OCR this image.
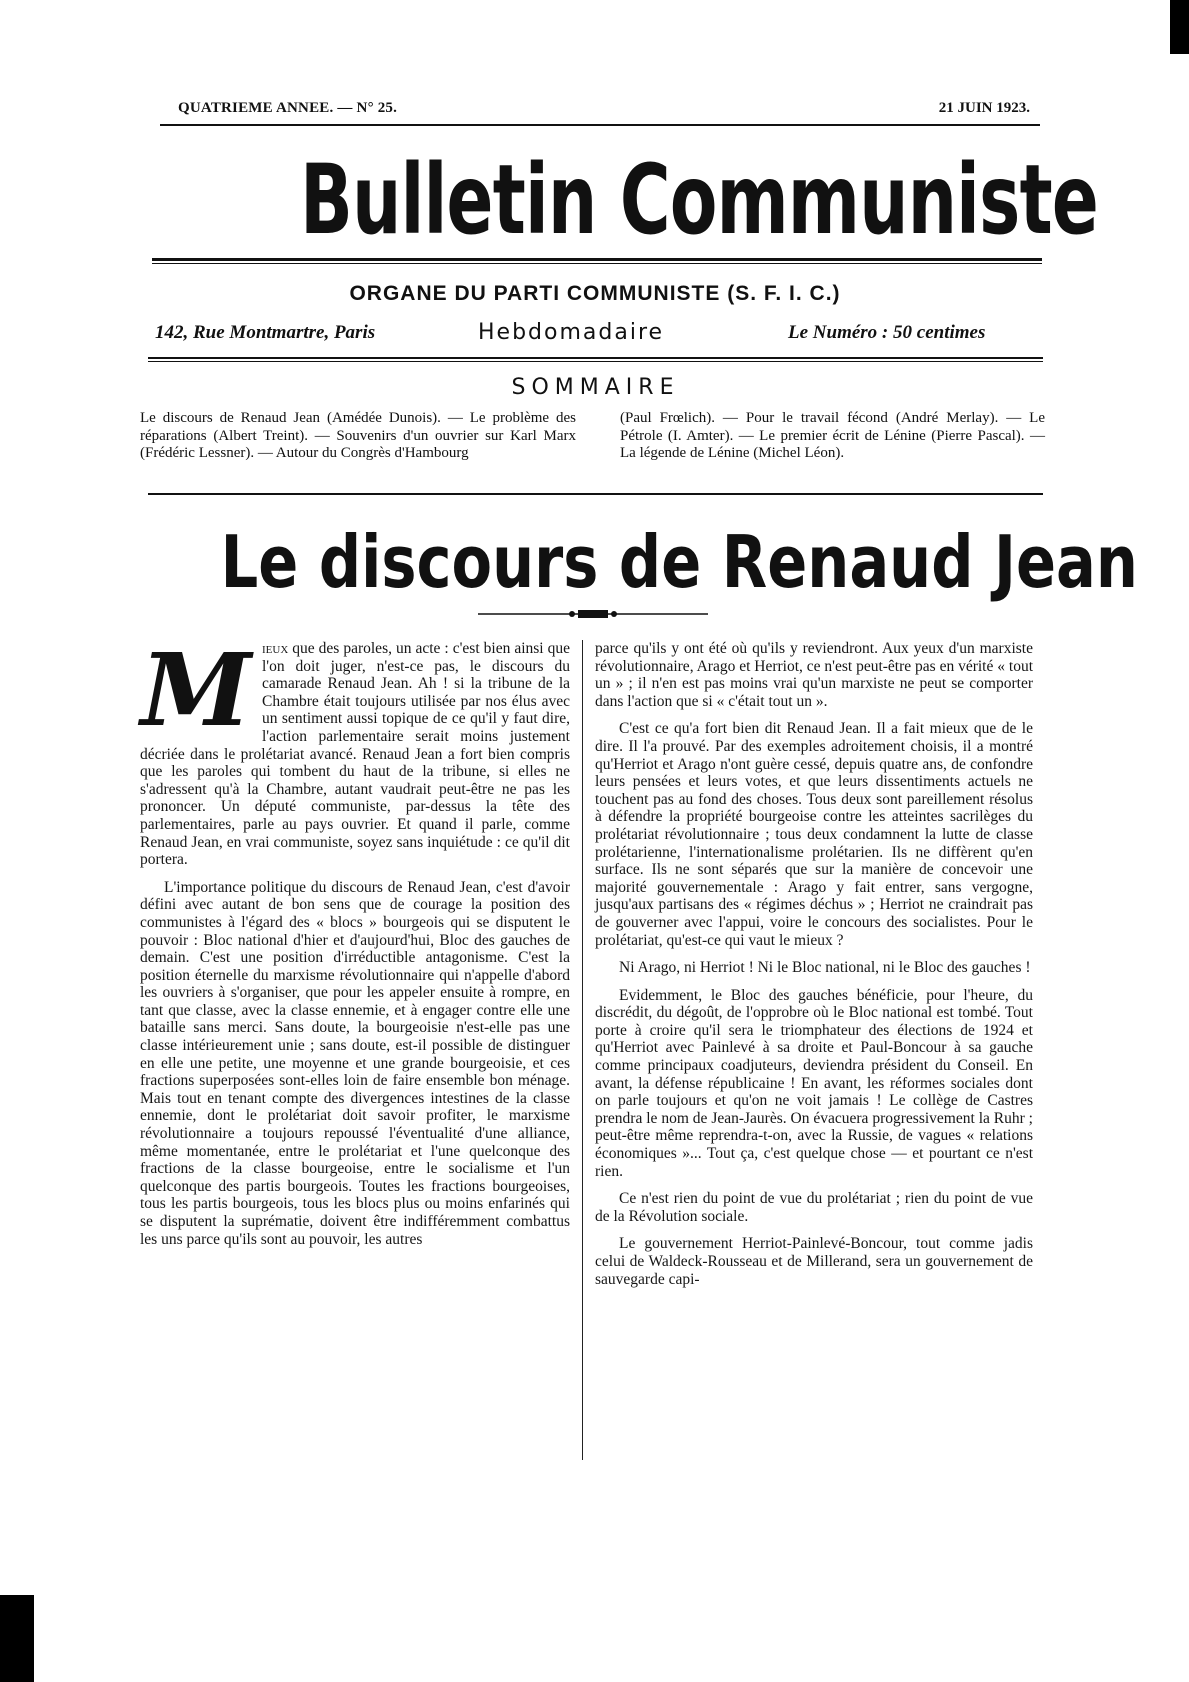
QUATRIEME ANNEE. — N° 25.	21 JUIN 1923.
Bulletin Communiste
ORGANE DU PARTI COMMUNISTE (S. F. I. C.)
142, Rue Montmartre, Paris	Hebdomadaire	Le Numéro : 50 centimes
SOMMAIRE
Le discours de Renaud Jean (Amédée Dunois). — Le problème des réparations (Albert Treint). — Souvenirs d'un ouvrier sur Karl Marx (Frédéric Lessner). — Autour du Congrès d'Hambourg
(Paul Frœlich). — Pour le travail fécond (André Merlay). — Le Pétrole (I. Amter). — Le premier écrit de Lénine (Pierre Pascal). — La légende de Lénine (Michel Léon).
Le discours de Renaud Jean

Mieux que des paroles, un acte : c'est bien ainsi que l'on doit juger, n'est-ce pas, le discours du camarade Renaud Jean. Ah ! si la tribune de la Chambre était toujours utilisée par nos élus avec un sentiment aussi topique de ce qu'il y faut dire, l'action parlementaire serait moins justement décriée dans le prolétariat avancé. Renaud Jean a fort bien compris que les paroles qui tombent du haut de la tribune, si elles ne s'adressent qu'à la Chambre, autant vaudrait peut-être ne pas les prononcer. Un député communiste, par-dessus la tête des parlementaires, parle au pays ouvrier. Et quand il parle, comme Renaud Jean, en vrai communiste, soyez sans inquiétude : ce qu'il dit portera.

L'importance politique du discours de Renaud Jean, c'est d'avoir défini avec autant de bon sens que de courage la position des communistes à l'égard des « blocs » bourgeois qui se disputent le pouvoir : Bloc national d'hier et d'aujourd'hui, Bloc des gauches de demain. C'est une position d'irréductible antagonisme. C'est la position éternelle du marxisme révolutionnaire qui n'appelle d'abord les ouvriers à s'organiser, que pour les appeler ensuite à rompre, en tant que classe, avec la classe ennemie, et à engager contre elle une bataille sans merci. Sans doute, la bourgeoisie n'est-elle pas une classe intérieurement unie ; sans doute, est-il possible de distinguer en elle une petite, une moyenne et une grande bourgeoisie, et ces fractions superposées sont-elles loin de faire ensemble bon ménage. Mais tout en tenant compte des divergences intestines de la classe ennemie, dont le prolétariat doit savoir profiter, le marxisme révolutionnaire a toujours repoussé l'éventualité d'une alliance, même momentanée, entre le prolétariat et l'une quelconque des fractions de la classe bourgeoise, entre le socialisme et l'un quelconque des partis bourgeois. Toutes les fractions bourgeoises, tous les partis bourgeois, tous les blocs plus ou moins enfarinés qui se disputent la suprématie, doivent être indifféremment combattus les uns parce qu'ils sont au pouvoir, les autres

parce qu'ils y ont été où qu'ils y reviendront. Aux yeux d'un marxiste révolutionnaire, Arago et Herriot, ce n'est peut-être pas en vérité « tout un » ; il n'en est pas moins vrai qu'un marxiste ne peut se comporter dans l'action que si « c'était tout un ».

C'est ce qu'a fort bien dit Renaud Jean. Il a fait mieux que de le dire. Il l'a prouvé. Par des exemples adroitement choisis, il a montré qu'Herriot et Arago n'ont guère cessé, depuis quatre ans, de confondre leurs pensées et leurs votes, et que leurs dissentiments actuels ne touchent pas au fond des choses. Tous deux sont pareillement résolus à défendre la propriété bourgeoise contre les atteintes sacrilèges du prolétariat révolutionnaire ; tous deux condamnent la lutte de classe prolétarienne, l'internationalisme prolétarien. Ils ne diffèrent qu'en surface. Ils ne sont séparés que sur la manière de concevoir une majorité gouvernementale : Arago y fait entrer, sans vergogne, jusqu'aux partisans des « régimes déchus » ; Herriot ne craindrait pas de gouverner avec l'appui, voire le concours des socialistes. Pour le prolétariat, qu'est-ce qui vaut le mieux ?

Ni Arago, ni Herriot ! Ni le Bloc national, ni le Bloc des gauches !

Evidemment, le Bloc des gauches bénéficie, pour l'heure, du discrédit, du dégoût, de l'opprobre où le Bloc national est tombé. Tout porte à croire qu'il sera le triomphateur des élections de 1924 et qu'Herriot avec Painlevé à sa droite et Paul-Boncour à sa gauche comme principaux coadjuteurs, deviendra président du Conseil. En avant, la défense républicaine ! En avant, les réformes sociales dont on parle toujours et qu'on ne voit jamais ! Le collège de Castres prendra le nom de Jean-Jaurès. On évacuera progressivement la Ruhr ; peut-être même reprendra-t-on, avec la Russie, de vagues « relations économiques »... Tout ça, c'est quelque chose — et pourtant ce n'est rien.

Ce n'est rien du point de vue du prolétariat ; rien du point de vue de la Révolution sociale.

Le gouvernement Herriot-Painlevé-Boncour, tout comme jadis celui de Waldeck-Rousseau et de Millerand, sera un gouvernement de sauvegarde capi-
